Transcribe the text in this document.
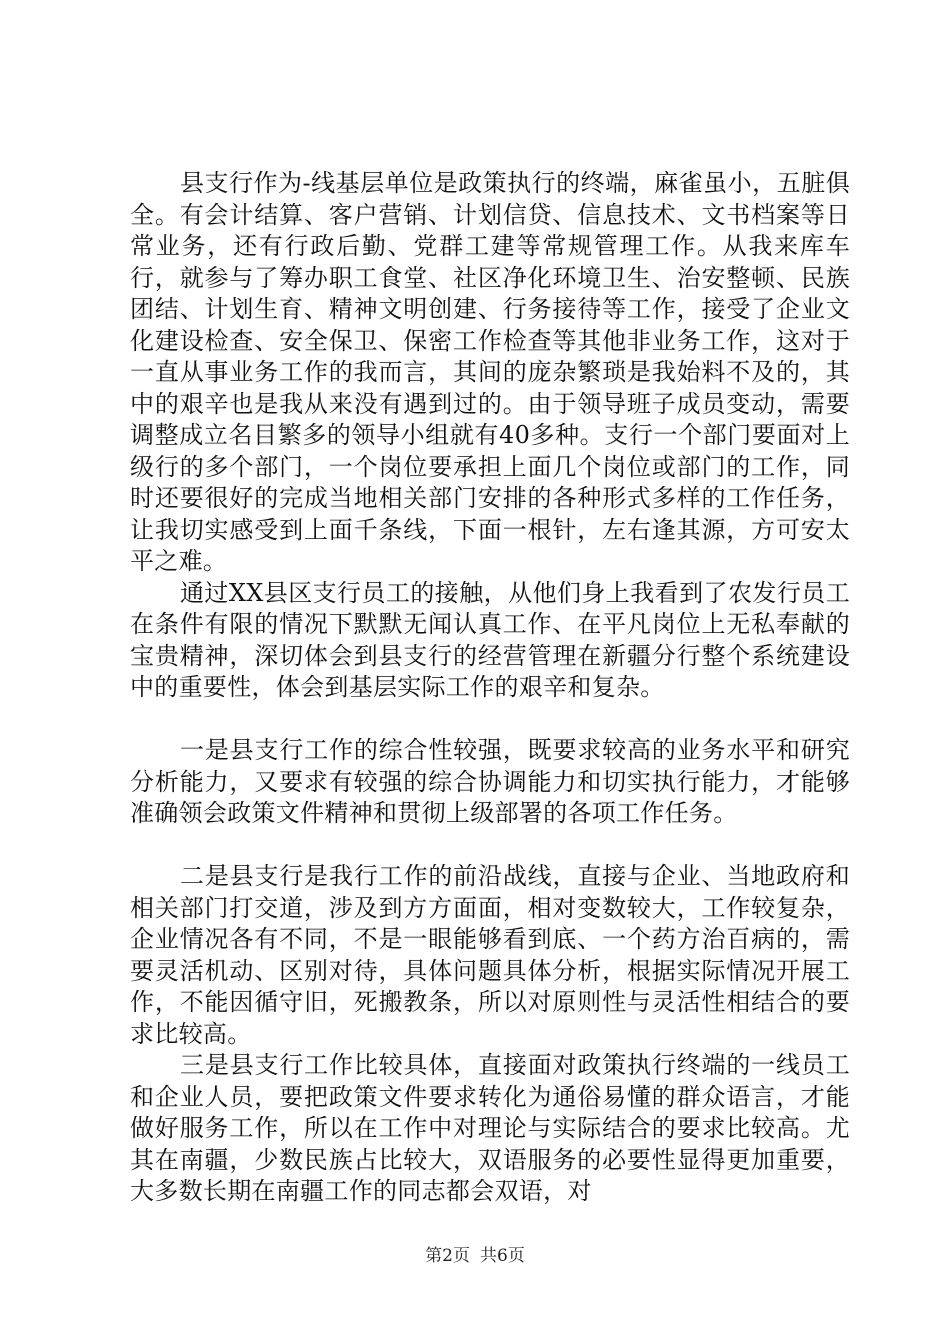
县支行作为-线基层单位是政策执行的终端，麻雀虽小，五脏俱全。有会计结算、客户营销、计划信贷、信息技术、文书档案等日常业务，还有行政后勤、党群工建等常规管理工作。从我来库车行，就参与了筹办职工食堂、社区净化环境卫生、治安整顿、民族团结、计划生育、精神文明创建、行务接待等工作，接受了企业文化建设检查、安全保卫、保密工作检查等其他非业务工作，这对于一直从事业务工作的我而言，其间的庞杂繁琐是我始料不及的，其中的艰辛也是我从来没有遇到过的。由于领导班子成员变动，需要调整成立名目繁多的领导小组就有40多种。支行一个部门要面对上级行的多个部门，一个岗位要承担上面几个岗位或部门的工作，同时还要很好的完成当地相关部门安排的各种形式多样的工作任务，让我切实感受到上面千条线，下面一根针，左右逢其源，方可安太平之难。

通过XX县区支行员工的接触，从他们身上我看到了农发行员工在条件有限的情况下默默无闻认真工作、在平凡岗位上无私奉献的宝贵精神，深切体会到县支行的经营管理在新疆分行整个系统建设中的重要性，体会到基层实际工作的艰辛和复杂。

一是县支行工作的综合性较强，既要求较高的业务水平和研究分析能力，又要求有较强的综合协调能力和切实执行能力，才能够准确领会政策文件精神和贯彻上级部署的各项工作任务。

二是县支行是我行工作的前沿战线，直接与企业、当地政府和相关部门打交道，涉及到方方面面，相对变数较大，工作较复杂，企业情况各有不同，不是一眼能够看到底、一个药方治百病的，需要灵活机动、区别对待，具体问题具体分析，根据实际情况开展工作，不能因循守旧，死搬教条，所以对原则性与灵活性相结合的要求比较高。

三是县支行工作比较具体，直接面对政策执行终端的一线员工和企业人员，要把政策文件要求转化为通俗易懂的群众语言，才能做好服务工作，所以在工作中对理论与实际结合的要求比较高。尤其在南疆，少数民族占比较大，双语服务的必要性显得更加重要，大多数长期在南疆工作的同志都会双语，对

第2页 共6页
